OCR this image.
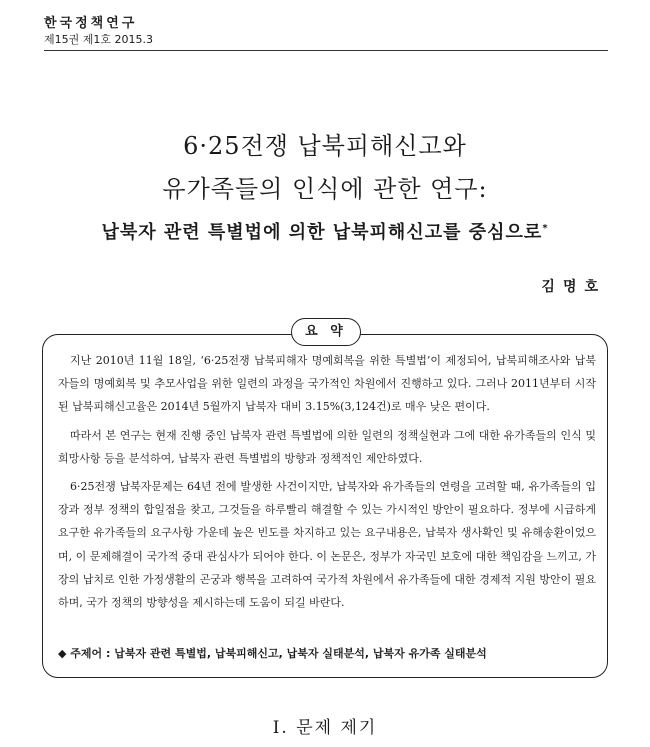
한국정책연구
제15권 제1호 2015.3
6·25전쟁 납북피해신고와
유가족들의 인식에 관한 연구:
납북자 관련 특별법에 의한 납북피해신고를 중심으로*
김명호
요 약

지난 2010년 11월 18일, ‘6·25전쟁 납북피해자 명예회복을 위한 특별법’이 제정되어, 납북피해조사와 납북자들의 명예회복 및 추모사업을 위한 일련의 과정을 국가적인 차원에서 진행하고 있다. 그러나 2011년부터 시작된 납북피해신고율은 2014년 5월까지 납북자 대비 3.15%(3,124건)로 매우 낮은 편이다.

따라서 본 연구는 현재 진행 중인 납북자 관련 특별법에 의한 일련의 정책실현과 그에 대한 유가족들의 인식 및 희망사항 등을 분석하여, 납북자 관련 특별법의 방향과 정책적인 제안하였다.

6·25전쟁 납북자문제는 64년 전에 발생한 사건이지만, 납북자와 유가족들의 연령을 고려할 때, 유가족들의 입장과 정부 정책의 합일점을 찾고, 그것들을 하루빨리 해결할 수 있는 가시적인 방안이 필요하다. 정부에 시급하게 요구한 유가족들의 요구사항 가운데 높은 빈도를 차지하고 있는 요구내용은, 납북자 생사확인 및 유해송환이었으며, 이 문제해결이 국가적 중대 관심사가 되어야 한다. 이 논문은, 정부가 자국민 보호에 대한 책임감을 느끼고, 가장의 납치로 인한 가정생활의 곤궁과 행복을 고려하여 국가적 차원에서 유가족들에 대한 경제적 지원 방안이 필요하며, 국가 정책의 방향성을 제시하는데 도움이 되길 바란다.

◆ 주제어 : 납북자 관련 특별법, 납북피해신고, 납북자 실태분석, 납북자 유가족 실태분석
Ⅰ. 문제 제기
